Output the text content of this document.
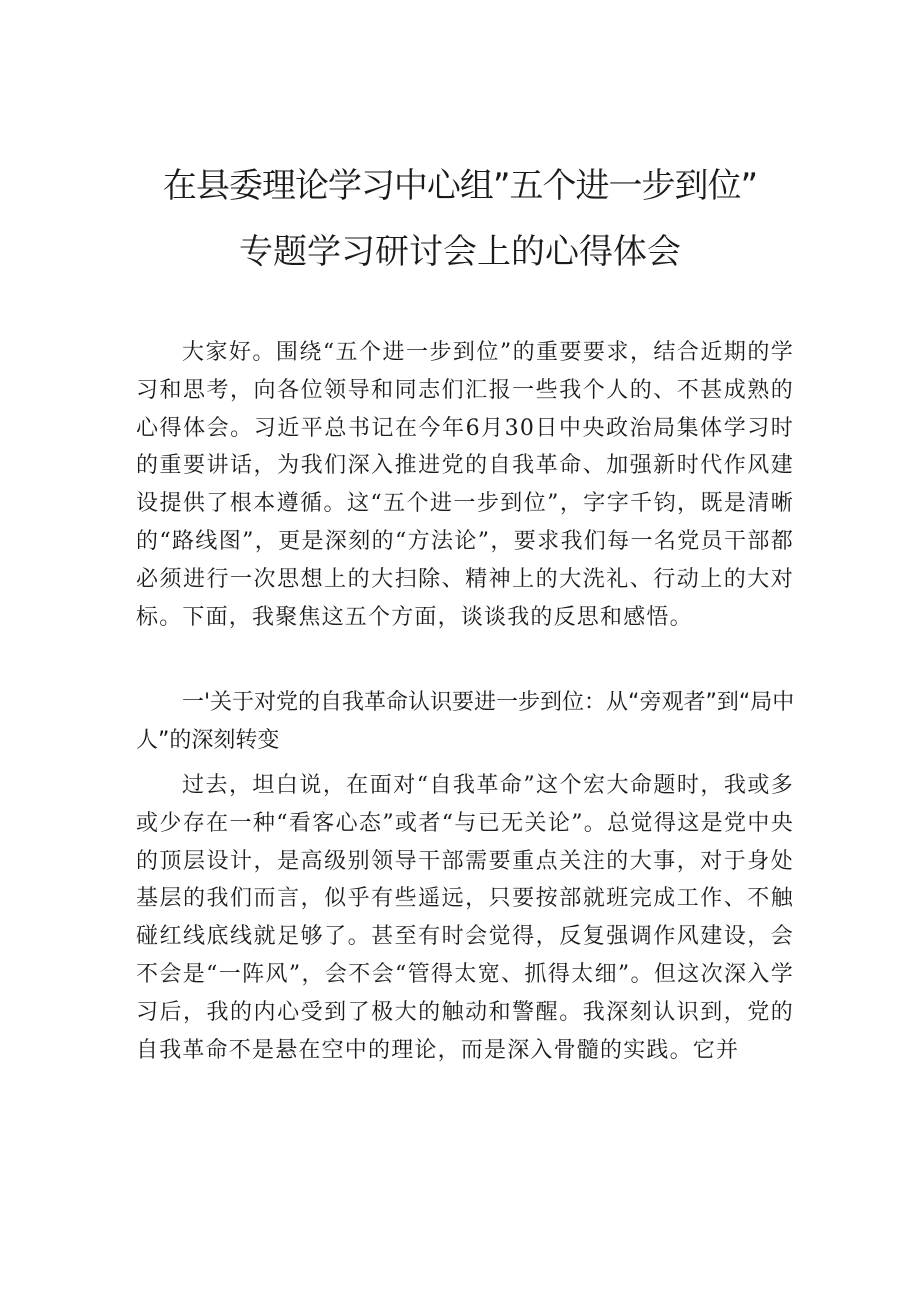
在县委理论学习中心组”五个进一步到位”
专题学习研讨会上的心得体会

大家好。围绕“五个进一步到位”的重要要求，结合近期的学习和思考，向各位领导和同志们汇报一些我个人的、不甚成熟的心得体会。习近平总书记在今年6月30日中央政治局集体学习时的重要讲话，为我们深入推进党的自我革命、加强新时代作风建设提供了根本遵循。这“五个进一步到位”，字字千钧，既是清晰的“路线图”，更是深刻的“方法论”，要求我们每一名党员干部都必须进行一次思想上的大扫除、精神上的大洗礼、行动上的大对标。下面，我聚焦这五个方面，谈谈我的反思和感悟。

一'关于对党的自我革命认识要进一步到位：从“旁观者”到“局中人”的深刻转变

过去，坦白说，在面对“自我革命”这个宏大命题时，我或多或少存在一种“看客心态”或者“与已无关论”。总觉得这是党中央的顶层设计，是高级别领导干部需要重点关注的大事，对于身处基层的我们而言，似乎有些遥远，只要按部就班完成工作、不触碰红线底线就足够了。甚至有时会觉得，反复强调作风建设，会不会是“一阵风”，会不会“管得太宽、抓得太细”。但这次深入学习后，我的内心受到了极大的触动和警醒。我深刻认识到，党的自我革命不是悬在空中的理论，而是深入骨髓的实践。它并
